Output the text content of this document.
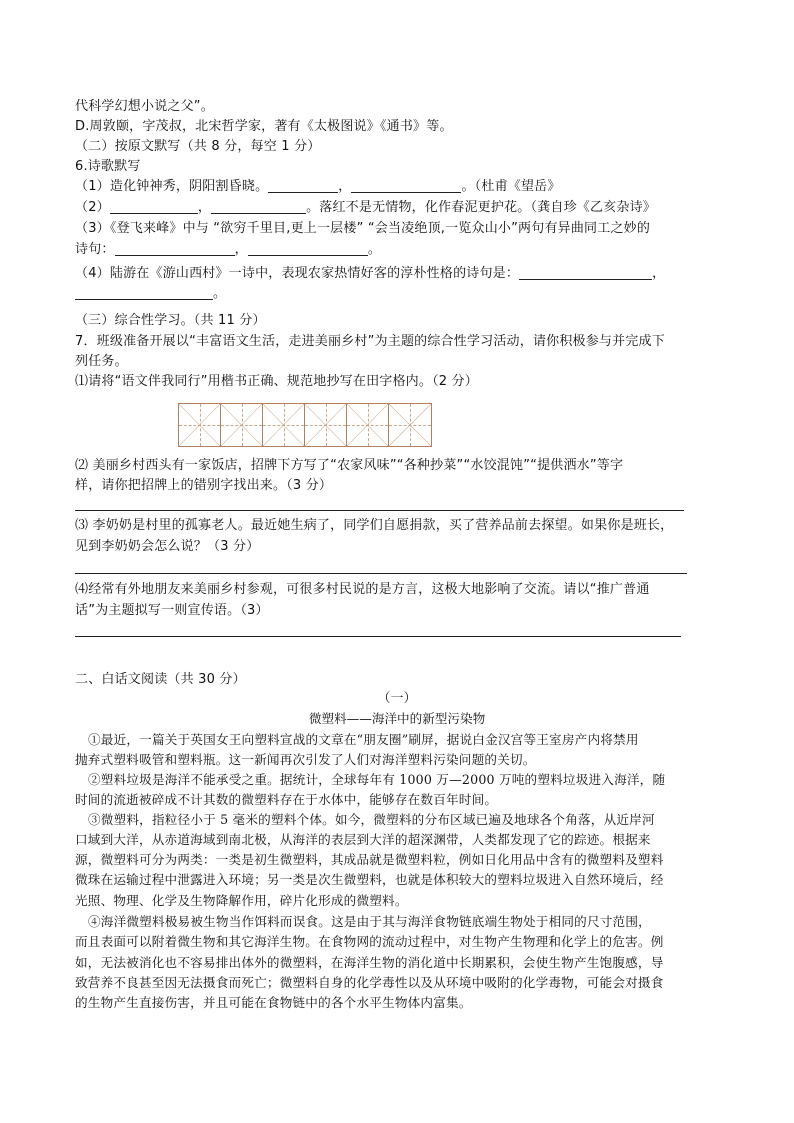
代科学幻想小说之父”。
D.周敦颐，字茂叔，北宋哲学家，著有《太极图说》《通书》等。
（二）按原文默写（共 8 分，每空 1 分）
6.诗歌默写
（1）造化钟神秀，阴阳割昏晓。	，	。（杜甫《望岳》
（2）	，	。落红不是无情物，化作春泥更护花。（龚自珍《乙亥杂诗》
（3）《登飞来峰》中与 “欲穷千里目,更上一层楼” “会当凌绝顶,一览众山小”两句有异曲同工之妙的
诗句：	，	。
（4）陆游在《游山西村》一诗中，表现农家热情好客的淳朴性格的诗句是：	，
。
（三）综合性学习。（共 11 分）
7．班级准备开展以“丰富语文生活，走进美丽乡村”为主题的综合性学习活动，请你积极参与并完成下
列任务。
⑴请将“语文伴我同行”用楷书正确、规范地抄写在田字格内。（2 分）
⑵ 美丽乡村西头有一家饭店，招牌下方写了“农家风味”“各种抄菜”“水饺混饨”“提供洒水”等字
样，请你把招牌上的错别字找出来。（3 分）
⑶ 李奶奶是村里的孤寡老人。最近她生病了，同学们自愿捐款，买了营养品前去探望。如果你是班长，
见到李奶奶会怎么说？（3 分）
⑷经常有外地朋友来美丽乡村参观，可很多村民说的是方言，这极大地影响了交流。请以“推广普通
话”为主题拟写一则宣传语。（3）
二、白话文阅读（共 30 分）
（一）
微塑料——海洋中的新型污染物
①最近，一篇关于英国女王向塑料宣战的文章在“朋友圈”刷屏，据说白金汉宫等王室房产内将禁用
抛弃式塑料吸管和塑料瓶。这一新闻再次引发了人们对海洋塑料污染问题的关切。
②塑料垃圾是海洋不能承受之重。据统计，全球每年有 1000 万—2000 万吨的塑料垃圾进入海洋，随
时间的流逝被碎成不计其数的微塑料存在于水体中，能够存在数百年时间。
③微塑料，指粒径小于 5 毫米的塑料个体。如今，微塑料的分布区域已遍及地球各个角落，从近岸河
口域到大洋，从赤道海域到南北极，从海洋的表层到大洋的超深渊带，人类都发现了它的踪迹。根据来
源，微塑料可分为两类：一类是初生微塑料，其成品就是微塑料粒，例如日化用品中含有的微塑料及塑料
微珠在运输过程中泄露进入环境；另一类是次生微塑料，也就是体积较大的塑料垃圾进入自然环境后，经
光照、物理、化学及生物降解作用，碎片化形成的微塑料。
④海洋微塑料极易被生物当作饵料而误食。这是由于其与海洋食物链底端生物处于相同的尺寸范围，
而且表面可以附着微生物和其它海洋生物。在食物网的流动过程中，对生物产生物理和化学上的危害。例
如，无法被消化也不容易排出体外的微塑料，在海洋生物的消化道中长期累积，会使生物产生饱腹感，导
致营养不良甚至因无法摄食而死亡；微塑料自身的化学毒性以及从环境中吸附的化学毒物，可能会对摄食
的生物产生直接伤害，并且可能在食物链中的各个水平生物体内富集。
